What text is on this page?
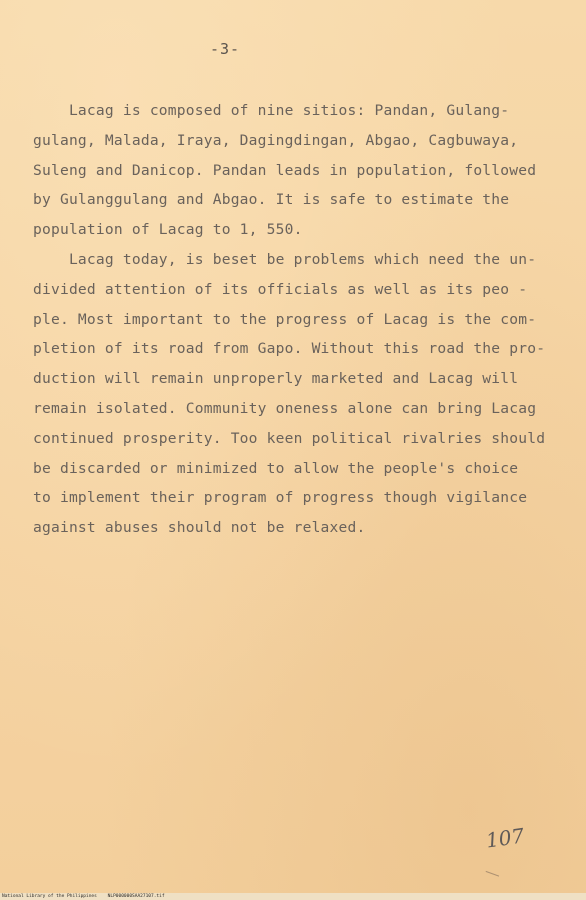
-3-
Lacag is composed of nine sitios: Pandan, Gulang-
gulang, Malada, Iraya, Dagingdingan, Abgao, Cagbuwaya,
Suleng and Danicop. Pandan leads in population, followed
by Gulanggulang and Abgao. It is safe to estimate the
population of Lacag to 1, 550.
Lacag today, is beset be problems which need the un-
divided attention of its officials as well as its peo -
ple. Most important to the progress of Lacag is the com-
pletion of its road from Gapo. Without this road the pro-
duction will remain unproperly marketed and Lacag will
remain isolated. Community oneness alone can bring Lacag
continued prosperity. Too keen political rivalries should
be discarded or minimized to allow the people's choice
to implement their program of progress though vigilance
against abuses should not be relaxed.
107
National Library of the Philippines    NLP000000SAA27107.tif
